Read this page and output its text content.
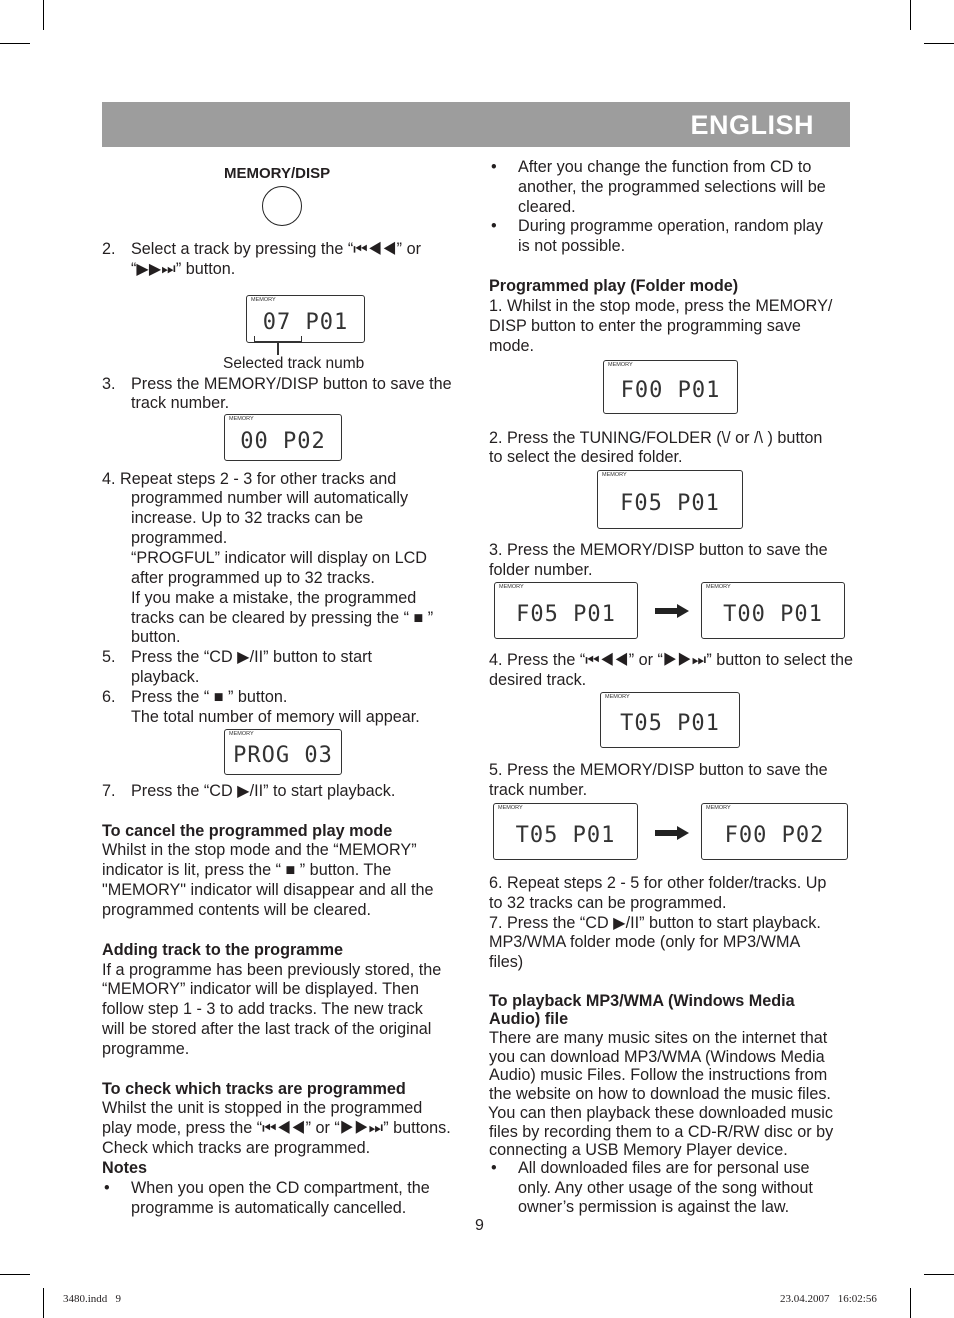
ENGLISH
MEMORY/DISP
Selected track numb
9
3480.indd   9	23.04.2007   16:02:56
2. Select a track by pressing the “⏮◀◀” or
“▶▶⏭” button.
3. Press the MEMORY/DISP button to save the
track number.
4. Repeat steps 2 - 3 for other tracks and
programmed number will automatically
increase. Up to 32 tracks can be
programmed.
“PROGFUL” indicator will display on LCD
after programmed up to 32 tracks.
If you make a mistake, the programmed
tracks can be cleared by pressing the “ ■ ”
button.
5. Press the “CD ▶/II” button to start
playback.
6. Press the “ ■ ” button.
The total number of memory will appear.
7. Press the “CD ▶/II” to start playback.
To cancel the programmed play mode
Whilst in the stop mode and the “MEMORY”
indicator is lit, press the “ ■ ” button. The
"MEMORY" indicator will disappear and all the
programmed contents will be cleared.
Adding track to the programme
If a programme has been previously stored, the
“MEMORY” indicator will be displayed. Then
follow step 1 - 3 to add tracks. The new track
will be stored after the last track of the original
programme.
To check which tracks are programmed
Whilst the unit is stopped in the programmed
play mode, press the “⏮◀◀” or “▶▶⏭” buttons.
Check which tracks are programmed.
Notes
• When you open the CD compartment, the
programme is automatically cancelled.
• After you change the function from CD to
another, the programmed selections will be
cleared.
• During programme operation, random play
is not possible.
Programmed play (Folder mode)
1. Whilst in the stop mode, press the MEMORY/
DISP button to enter the programming save
mode.
2. Press the TUNING/FOLDER (\/ or /\ ) button
to select the desired folder.
3. Press the MEMORY/DISP button to save the
folder number.
4. Press the “⏮◀◀” or “▶▶⏭” button to select the
desired track.
5. Press the MEMORY/DISP button to save the
track number.
6. Repeat steps 2 - 5 for other folder/tracks. Up
to 32 tracks can be programmed.
7. Press the “CD ▶/II” button to start playback.
MP3/WMA folder mode (only for MP3/WMA
files)
To playback MP3/WMA (Windows Media
Audio) file
There are many music sites on the internet that
you can download MP3/WMA (Windows Media
Audio) music Files. Follow the instructions from
the website on how to download the music files.
You can then playback these downloaded music
files by recording them to a CD-R/RW disc or by
connecting a USB Memory Player device.
• All downloaded files are for personal use
only. Any other usage of the song without
owner’s permission is against the law.
MEMORY
07 P01
MEMORY
00 P02
MEMORY
PROG 03
MEMORY
F00 P01
MEMORY
F05 P01
MEMORY
F05 P01
MEMORY
T00 P01
MEMORY
T05 P01
MEMORY
T05 P01
MEMORY
F00 P02
